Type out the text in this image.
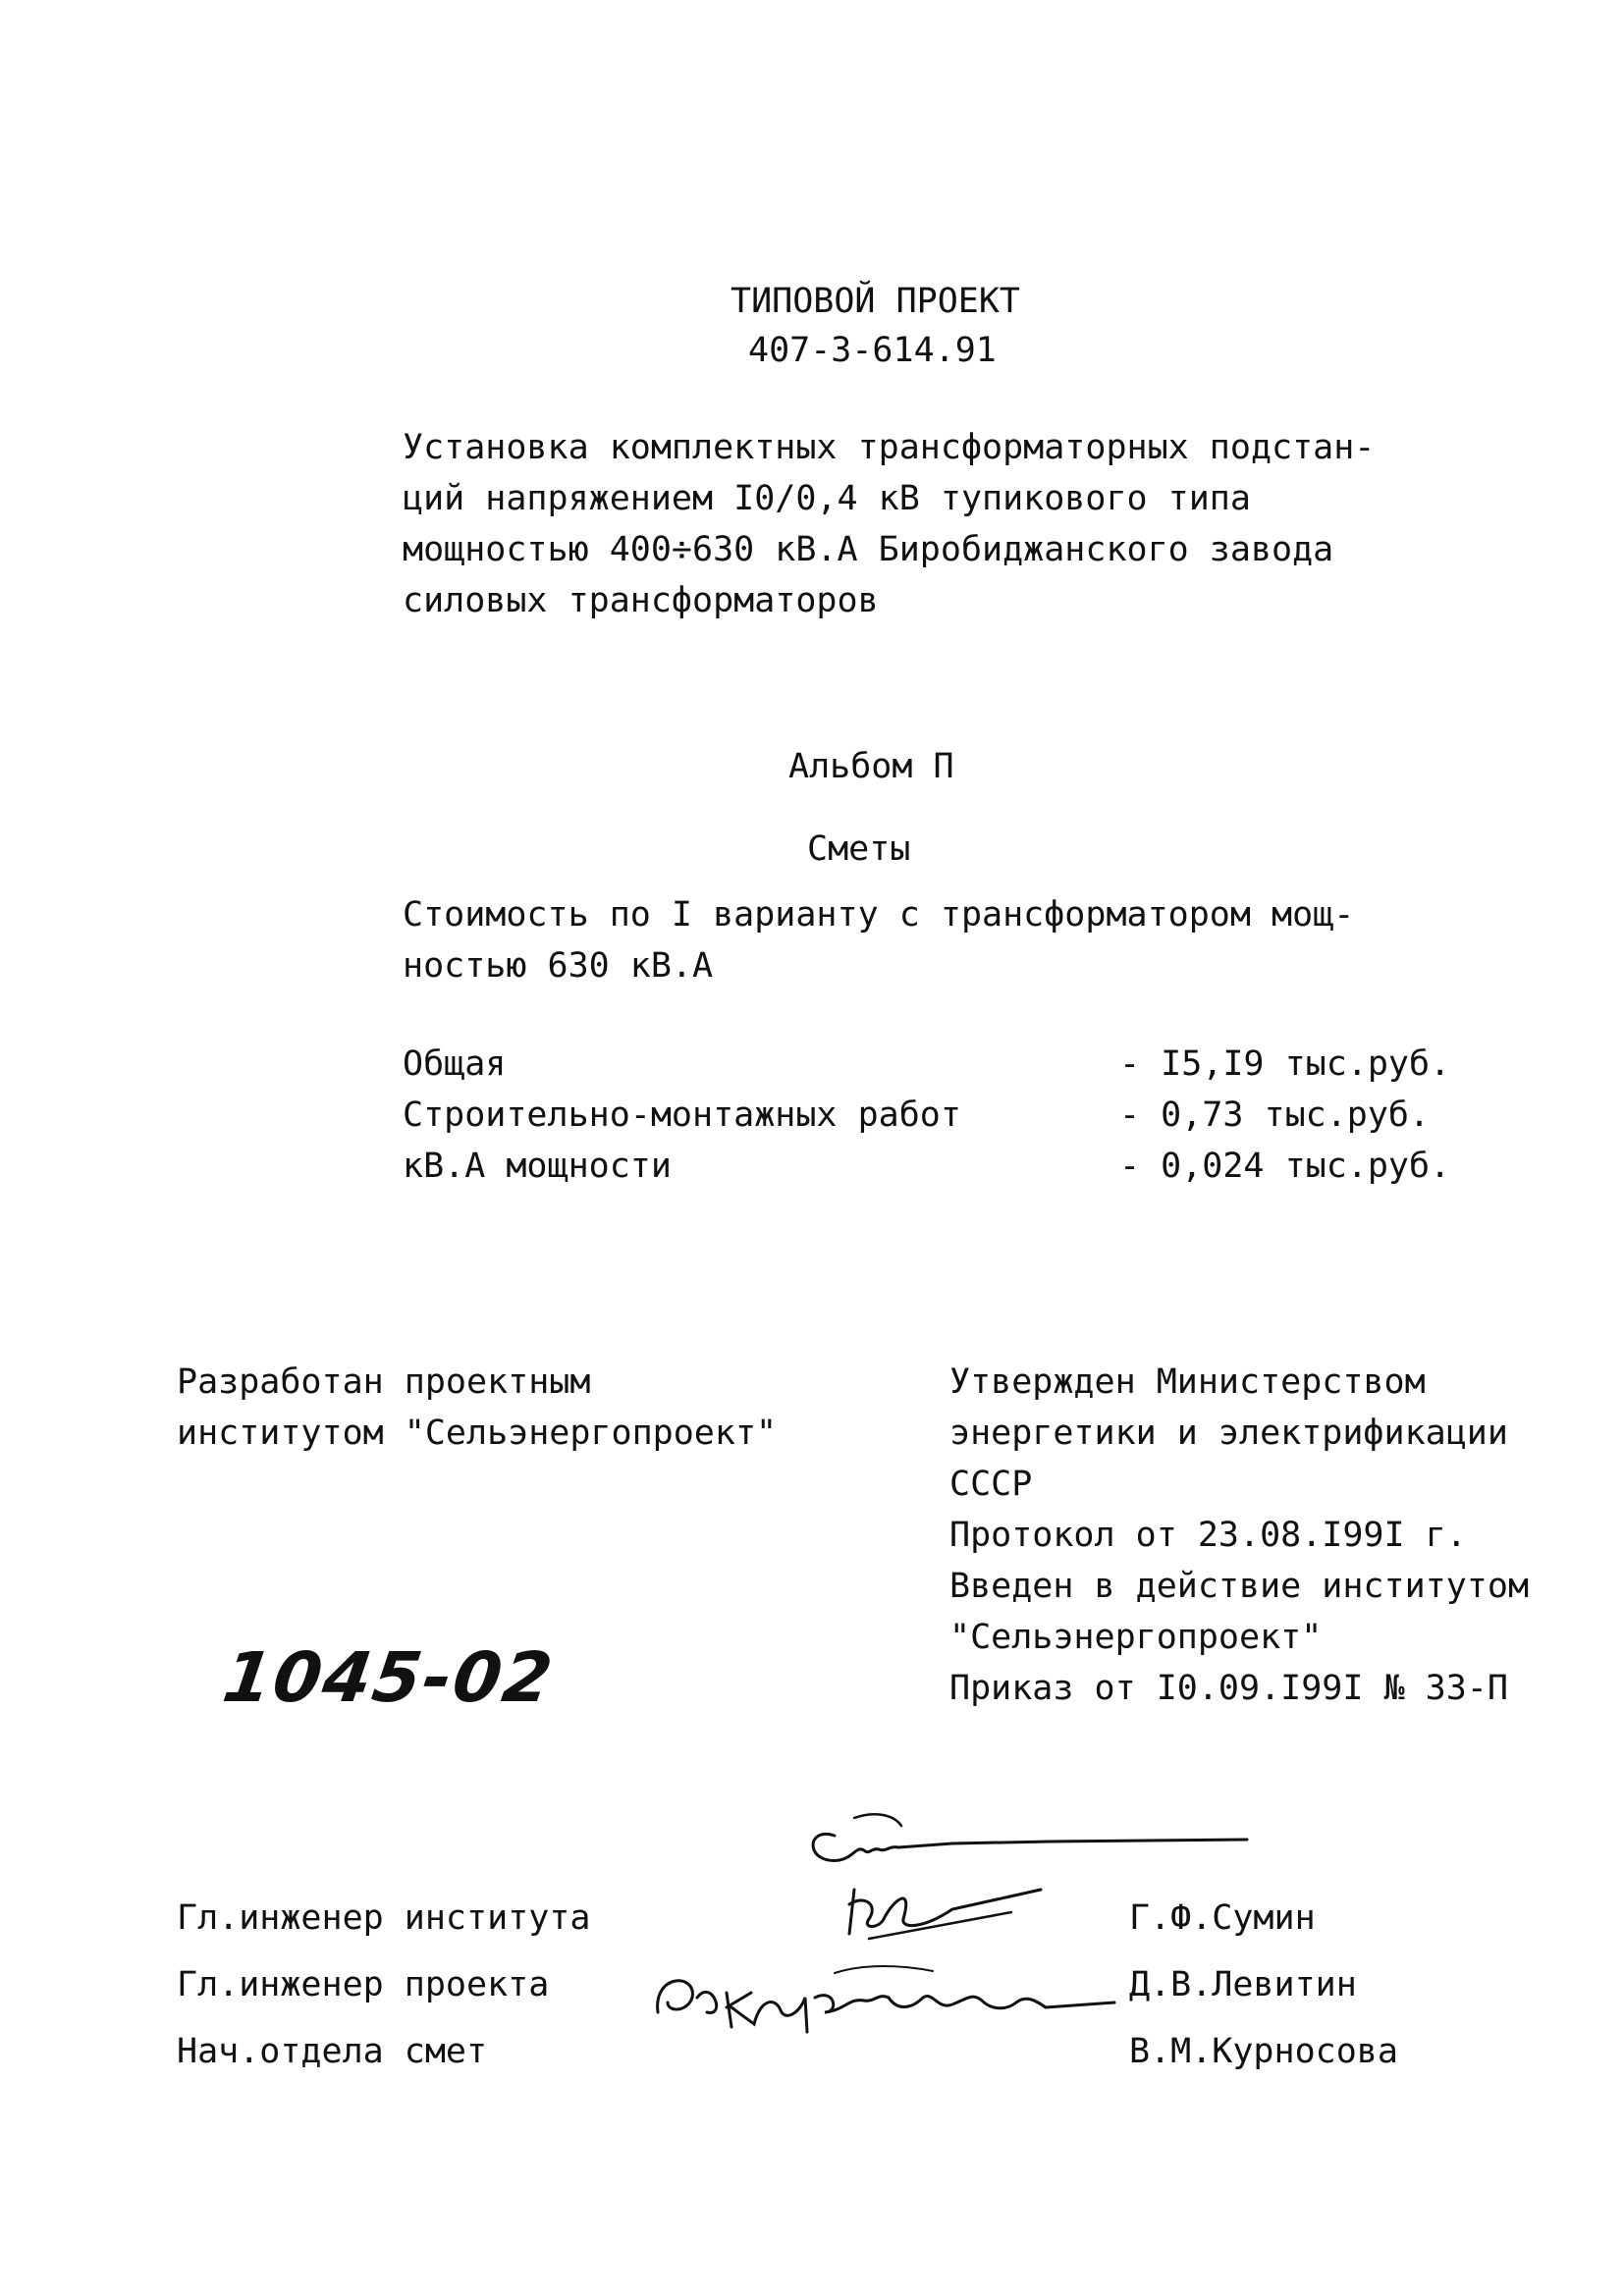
ТИПОВОЙ ПРОЕКТ
407-3-614.91
Установка комплектных трансформаторных подстан-
ций напряжением I0/0,4 кВ тупикового типа
мощностью 400÷630 кВ.А Биробиджанского завода
силовых трансформаторов
Альбом П
Сметы
Стоимость по I варианту с трансформатором мощ-
ностью 630 кВ.А
Общая
Строительно-монтажных работ
кВ.А мощности
- I5,I9 тыс.руб.
- 0,73 тыс.руб.
- 0,024 тыс.руб.
Разработан проектным
институтом "Сельэнергопроект"
Утвержден Министерством
энергетики и электрификации
СССР
Протокол от 23.08.I99I г.
Введен в действие институтом
"Сельэнергопроект"
Приказ от I0.09.I99I № 33-П
1045-02
Гл.инженер института
Гл.инженер проекта
Нач.отдела смет
Г.Ф.Сумин
Д.В.Левитин
В.М.Курносова
